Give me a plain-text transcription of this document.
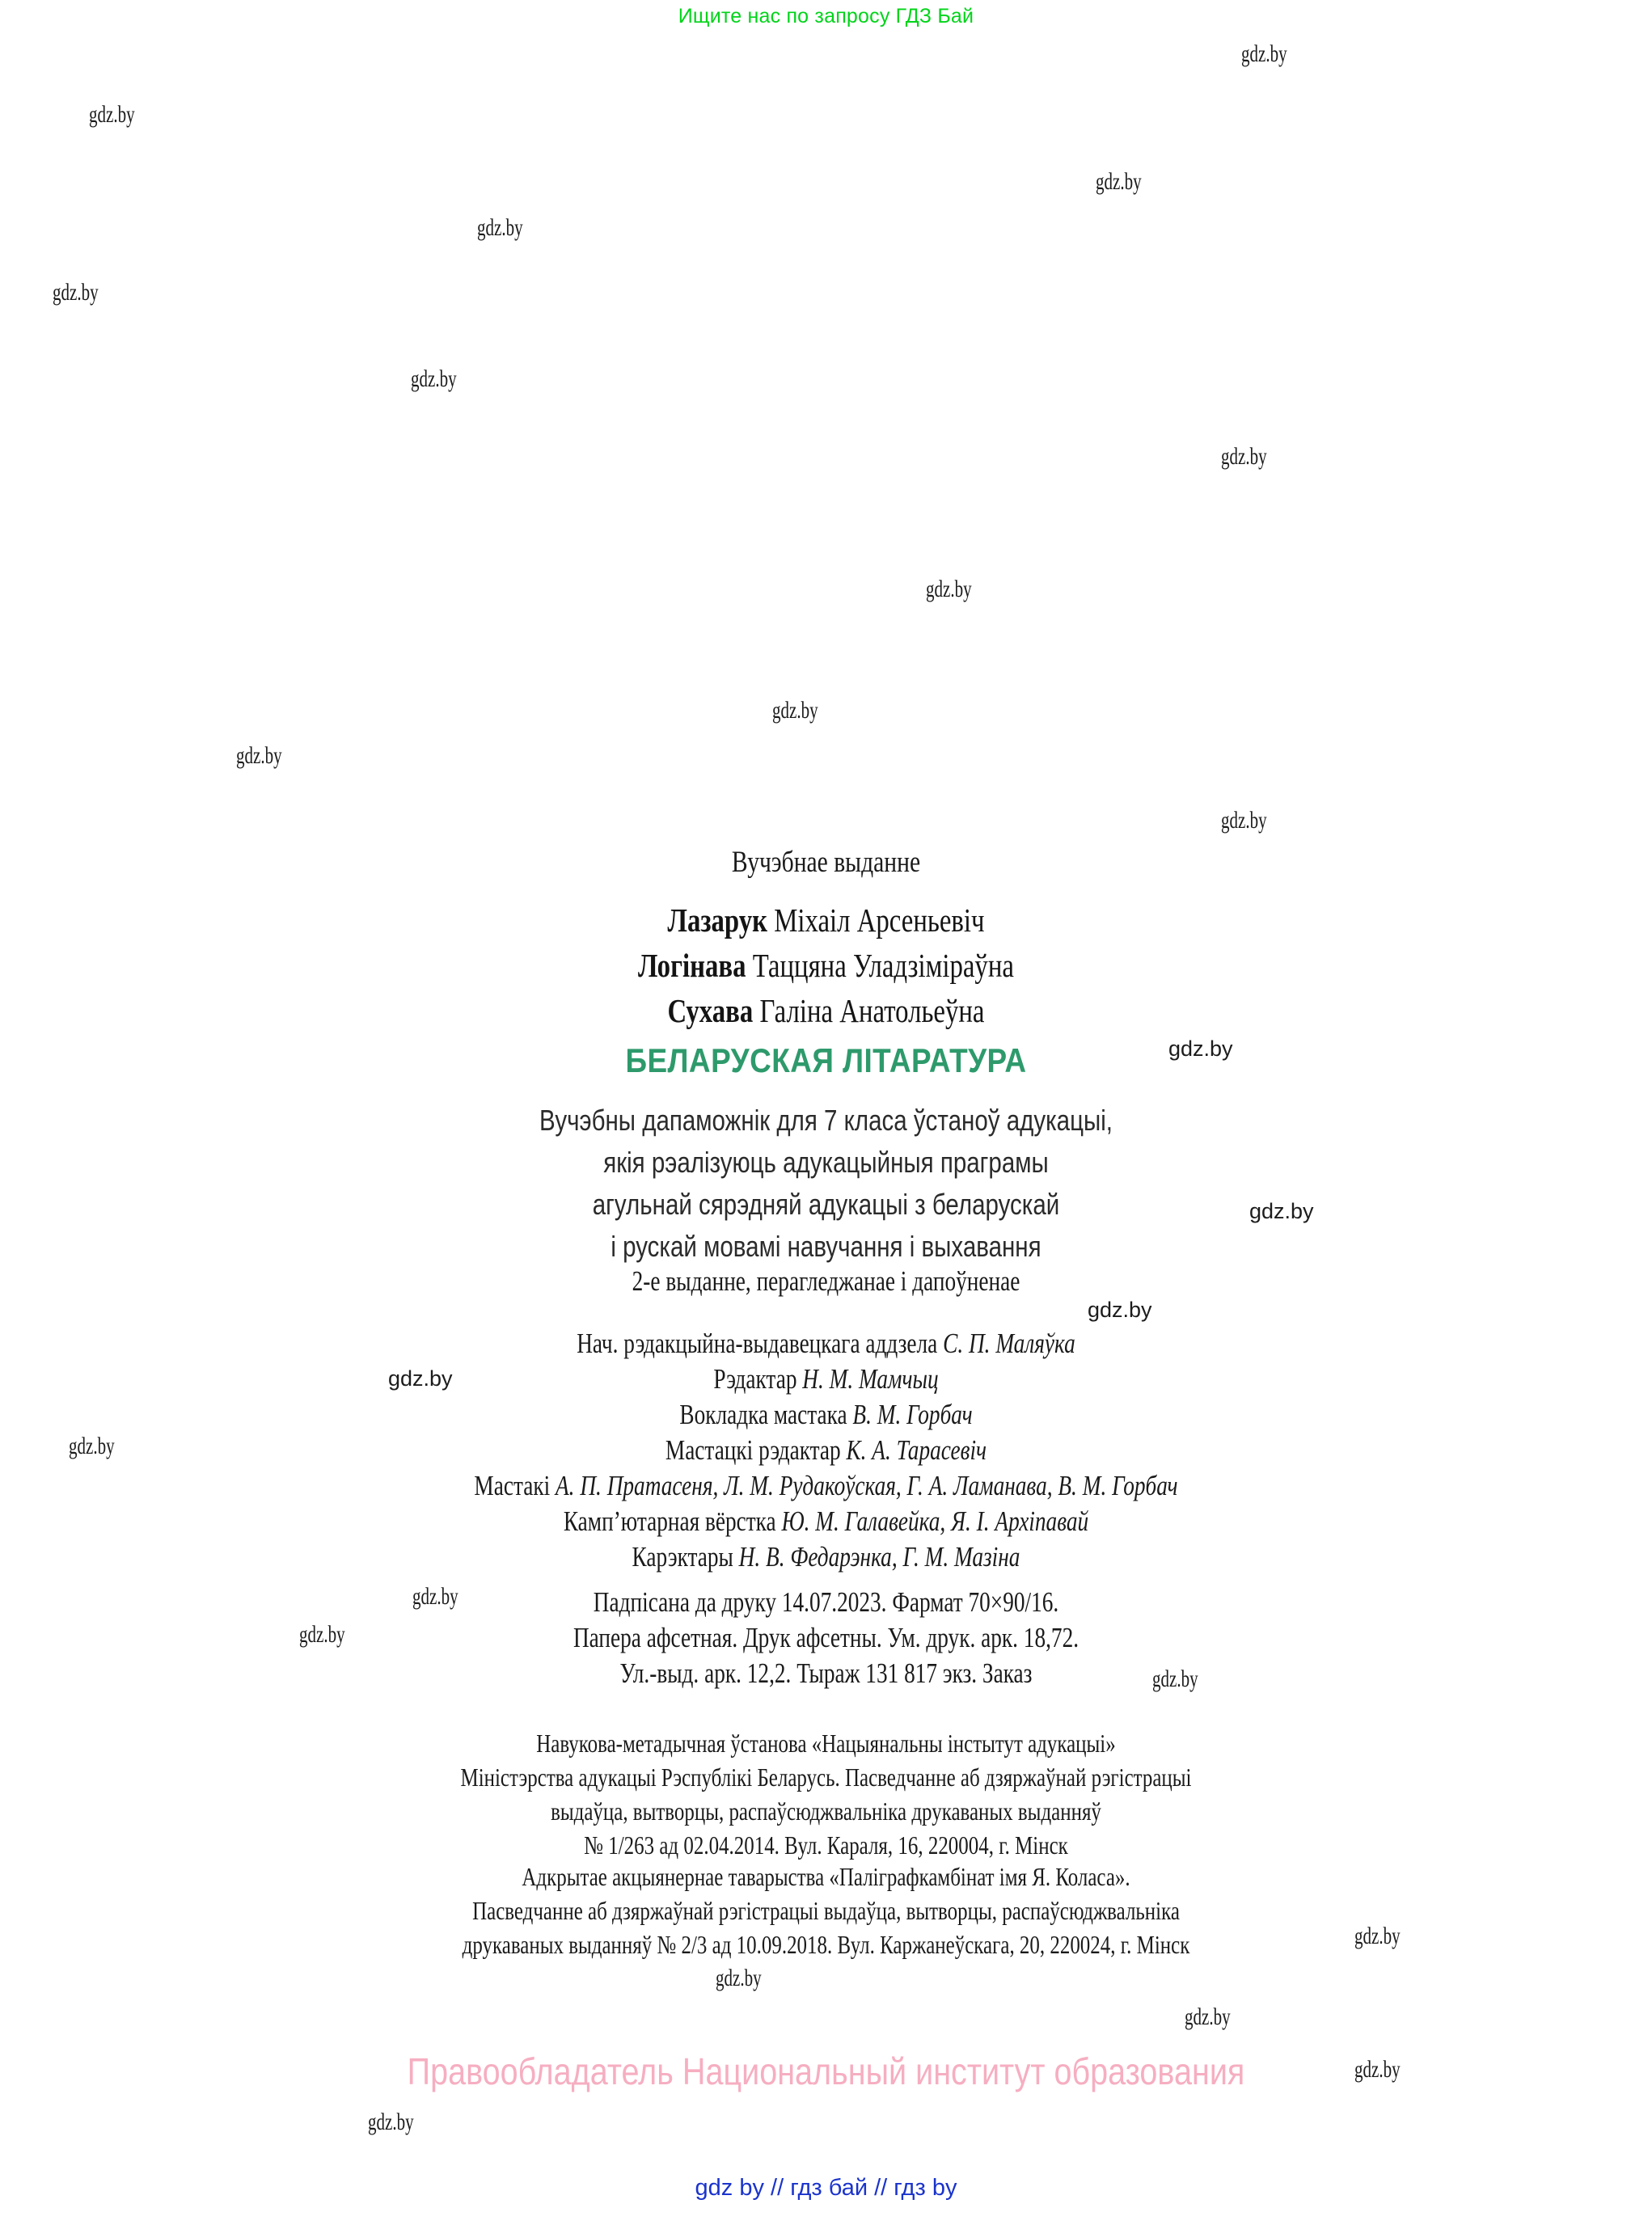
Ищите нас по запросу ГДЗ Бай
gdz.by
gdz.by
gdz.by
gdz.by
gdz.by
gdz.by
gdz.by
gdz.by
gdz.by
gdz.by
gdz.by
gdz.by
gdz.by
gdz.by
gdz.by
gdz.by
gdz.by
gdz.by
gdz.by
gdz.by
gdz.by
gdz.by
gdz.by
gdz.by
Вучэбнае выданне
Лазарук Міхаіл Арсеньевіч
Логінава Таццяна Уладзіміраўна
Сухава Галіна Анатольеўна
БЕЛАРУСКАЯ ЛІТАРАТУРА
Вучэбны дапаможнік для 7 класа ўстаноў адукацыі,
якія рэалізуюць адукацыйныя праграмы
агульнай сярэдняй адукацыі з беларускай
і рускай мовамі навучання і выхавання
2-е выданне, перагледжанае і дапоўненае
Нач. рэдакцыйна-выдавецкага аддзела С. П. Маляўка
Рэдактар Н. М. Мамчыц
Вокладка мастака В. М. Горбач
Мастацкі рэдактар К. А. Тарасевіч
Мастакі А. П. Пратасеня, Л. М. Рудакоўская, Г. А. Ламанава, В. М. Горбач
Камп’ютарная вёрстка Ю. М. Галавейка, Я. І. Архіпавай
Карэктары Н. В. Федарэнка, Г. М. Мазіна
Падпісана да друку 14.07.2023. Фармат 70×90/16.
Папера афсетная. Друк афсетны. Ум. друк. арк. 18,72.
Ул.-выд. арк. 12,2. Тыраж 131 817 экз. Заказ
Навукова-метадычная ўстанова «Нацыянальны інстытут адукацыі»
Міністэрства адукацыі Рэспублікі Беларусь. Пасведчанне аб дзяржаўнай рэгістрацыі
выдаўца, вытворцы, распаўсюджвальніка друкаваных выданняў
№ 1/263 ад 02.04.2014. Вул. Караля, 16, 220004, г. Мінск
Адкрытае акцыянернае таварыства «Паліграфкамбінат імя Я. Коласа».
Пасведчанне аб дзяржаўнай рэгістрацыі выдаўца, вытворцы, распаўсюджвальніка
друкаваных выданняў № 2/3 ад 10.09.2018. Вул. Каржанеўскага, 20, 220024, г. Мінск
Правообладатель Национальный институт образования
gdz by // гдз бай // гдз by
